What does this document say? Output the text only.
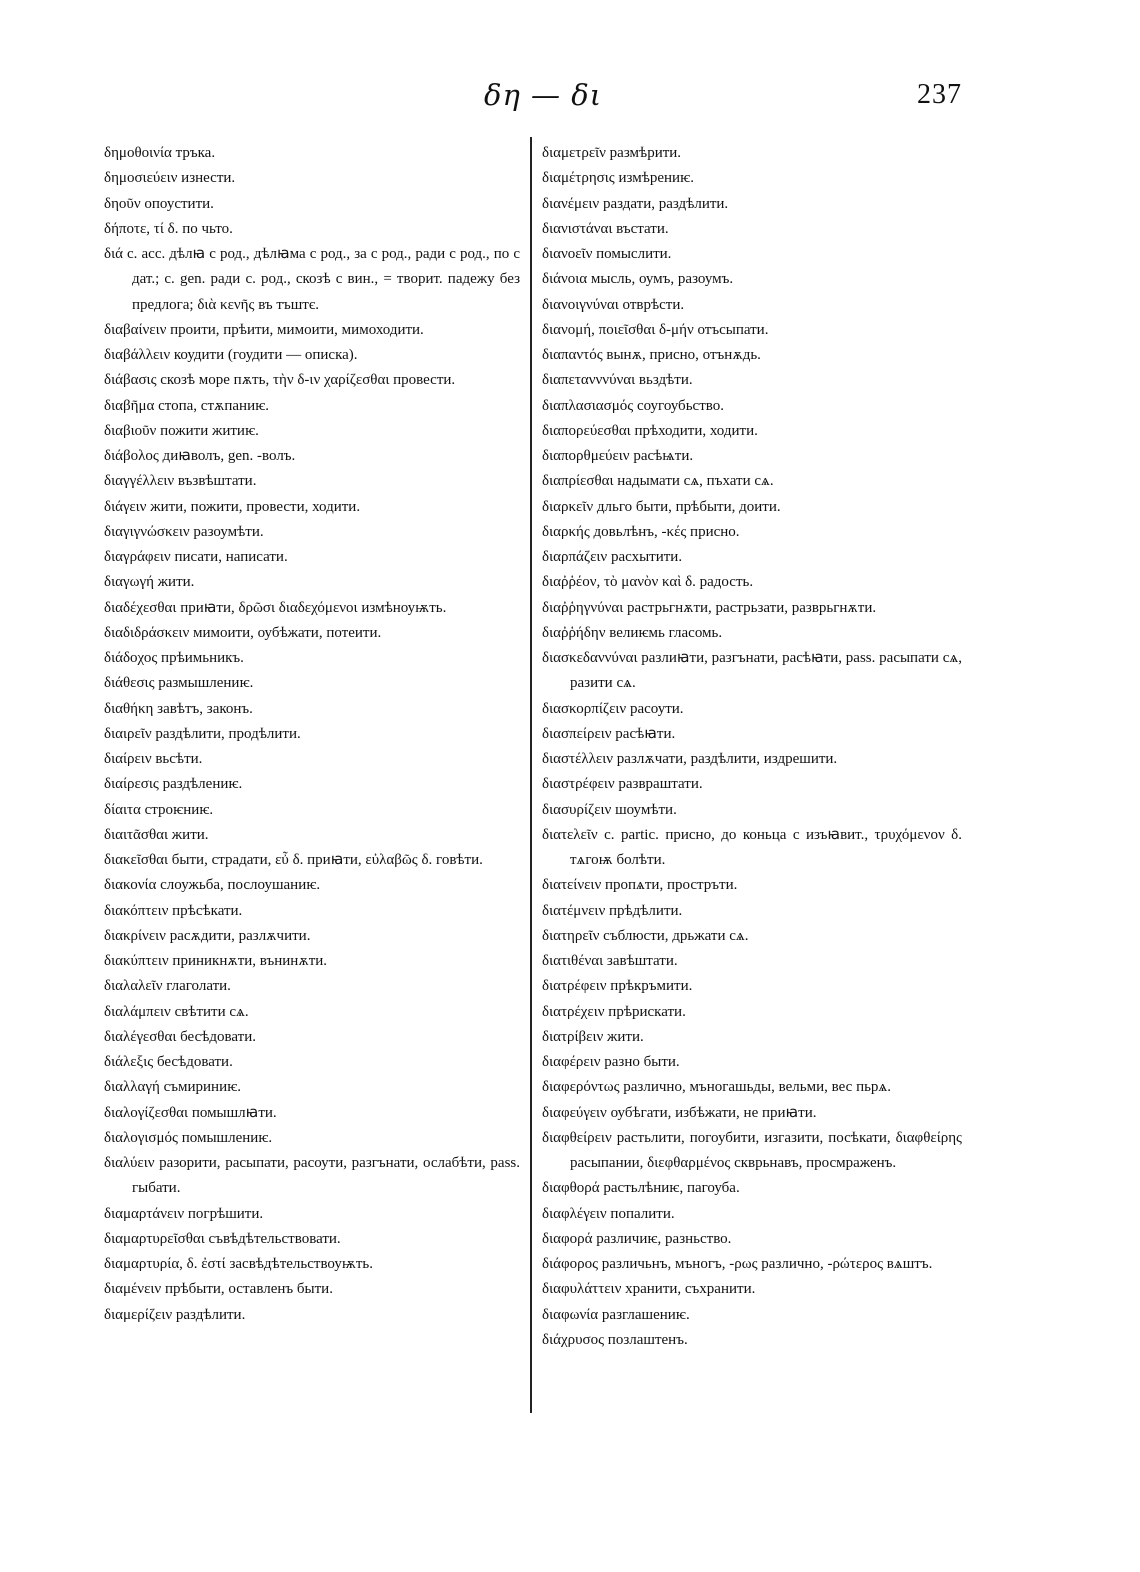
δη — δι	237

δημοθοινία тръка.

δημοσιεύειν изнести.

δηοῦν опоустити.

δήποτε, τί δ. по чьто.

διά с. acc. дѣлꙗ с род., дѣлꙗма с род., за с род., ради с род., по с дат.; с. gen. ради с. род., скозѣ с вин., = творит. падежу без предлога; διὰ κενῆς въ тъштє.

διαβαίνειν проити, прѣити, мимоити, мимоходити.

διαβάλλειν коудити (гоудити — описка).

διάβασις скозѣ море пѫть, τὴν δ-ιν χαρίζεσθαι провести.

διαβῆμα стопа, стѫпаниѥ.

διαβιοῦν пожити житиѥ.

διάβολος диꙗволъ, gen. -волъ.

διαγγέλλειν възвѣштати.

διάγειν жити, пожити, провести, ходити.

διαγιγνώσκειν разоумѣти.

διαγράφειν писати, написати.

διαγωγή жити.

διαδέχεσθαι приꙗти, δρῶσι διαδεχόμενοι измѣноуѭть.

διαδιδράσκειν мимоити, оубѣжати, потеити.

διάδοχος прѣимьникъ.

διάθεσις размышлениѥ.

διαθήκη завѣтъ, законъ.

διαιρεῖν раздѣлити, продѣлити.

διαίρειν вьсѣти.

διαίρεσις раздѣлениѥ.

δίαιτα строѥниѥ.

διαιτᾶσθαι жити.

διακεῖσθαι быти, страдати, εὖ δ. приꙗти, εὐλαβῶς δ. говѣти.

διακονία слоужьба, послоушаниѥ.

διακόπτειν прѣсѣкати.

διακρίνειν расѫдити, разлѫчити.

διακύπτειν приникнѫти, вънинѫти.

διαλαλεῖν глаголати.

διαλάμπειν свѣтити сѧ.

διαλέγεσθαι бесѣдовати.

διάλεξις бесѣдовати.

διαλλαγή съмириниѥ.

διαλογίζεσθαι помышлꙗти.

διαλογισμός помышлениѥ.

διαλύειν разорити, расыпати, расоути, разгънати, ослабѣти, pass. гыбати.

διαμαρτάνειν погрѣшити.

διαμαρτυρεῖσθαι съвѣдѣтельствовати.

διαμαρτυρία, δ. ἐστί засвѣдѣтельствоуѭть.

διαμένειν прѣбыти, оставленъ быти.

διαμερίζειν раздѣлити.

διαμετρεῖν размѣрити.

διαμέτρησις измѣрениѥ.

διανέμειν раздати, раздѣлити.

διανιστάναι въстати.

διανοεῖν помыслити.

διάνοια мысль, оумъ, разоумъ.

διανοιγνύναι отврѣсти.

διανομή, ποιεῖσθαι δ-μήν отъсыпати.

διαπαντός вынѫ, присно, отънѫдь.

διαπετανννύναι вьздѣти.

διαπλασιασμός соугоубьство.

διαπορεύεσθαι прѣходити, ходити.

διαπορθμεύειν расѣѩти.

διαπρίεσθαι надымати сѧ, пъхати сѧ.

διαρκεῖν дльго быти, прѣбыти, доити.

διαρκής довьлѣнъ, -κές присно.

διαρπάζειν расхытити.

διαῤῥέον, τὸ μανὸν καὶ δ. радость.

διαῤῥηγνύναι растрьгнѫти, растрьзати, разврьгнѫти.

διαῤῥήδην велиѥмь гласомь.

διασκεδαννύναι разлиꙗти, разгънати, расѣꙗти, pass. расыпати сѧ, разити сѧ.

διασκορπίζειν расоути.

διασπείρειν расѣꙗти.

διαστέλλειν разлѫчати, раздѣлити, издрешити.

διαστρέφειν развраштати.

διασυρίζειν шоумѣти.

διατελεῖν с. partic. присно, до коньца с изъꙗвит., τρυχόμενον δ. тѧгоѭ болѣти.

διατείνειν пропѧти, простръти.

διατέμνειν прѣдѣлити.

διατηρεῖν съблюсти, дрьжати сѧ.

διατιθέναι завѣштати.

διατρέφειν прѣкръмити.

διατρέχειν прѣрискати.

διατρίβειν жити.

διαφέρειν разно быти.

διαφερόντως различно, мъногашьды, вельми, вес пьрѧ.

διαφεύγειν оубѣгати, избѣжати, не приꙗти.

διαφθείρειν растьлити, погоубити, изгазити, посѣкати, διαφθείρης расыпании, διεφθαρμένος скврьнавъ, просмраженъ.

διαφθορά растьлѣниѥ, пагоуба.

διαφλέγειν попалити.

διαφορά различиѥ, разньство.

διάφορος различьнъ, мъногъ, -ρως различно, -ρώτερος вѧштъ.

διαφυλάττειν хранити, съхранити.

διαφωνία разглашениѥ.

διάχρυσος позлаштенъ.
